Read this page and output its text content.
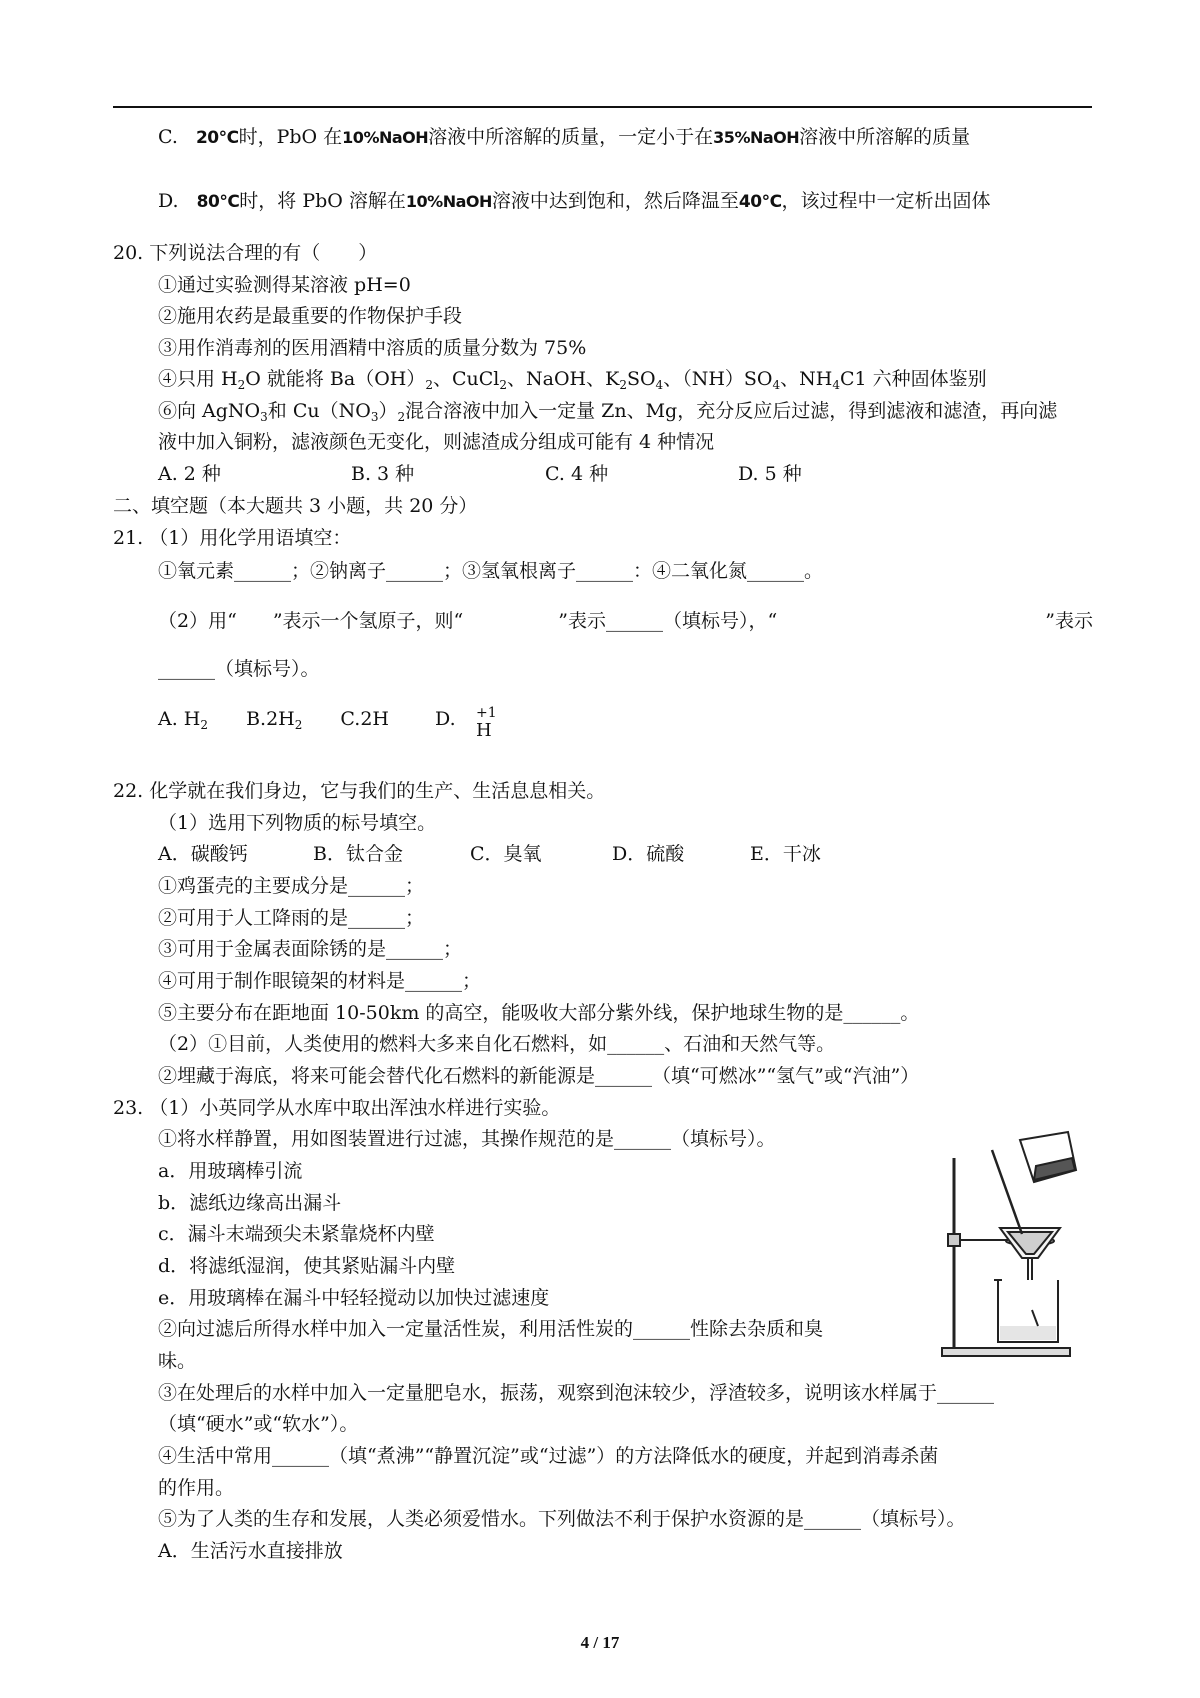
C. 20°C时，PbO 在10%NaOH溶液中所溶解的质量，一定小于在35%NaOH溶液中所溶解的质量
D. 80°C时，将 PbO 溶解在10%NaOH溶液中达到饱和，然后降温至40°C，该过程中一定析出固体
20. 下列说法合理的有（　　）
①通过实验测得某溶液 pH=0
②施用农药是最重要的作物保护手段
③用作消毒剂的医用酒精中溶质的质量分数为 75%
④只用 $H_2O$ 就能将 $Ba(OH)_2$、CuCl$_2$、NaOH、$K_2SO_4$、$(NH)SO_4$、$NH_4C1$ 六种固体鉴别
⑥向 AgNO$_3$和 $Cu(NO_3)_2$混合溶液中加入一定量 Zn、Mg，充分反应后过滤，得到滤液和滤渣，再向滤
液中加入铜粉，滤液颜色无变化，则滤渣成分组成可能有 4 种情况
A. 2 种	B. 3 种	C. 4 种	D. 5 种
二、填空题（本大题共 3 小题，共 20 分）
21. （1）用化学用语填空：
①氧元素______；②钠离子______；③氢氧根离子______：④二氧化氮______。
（2）用“ ”表示一个氢原子，则“	”表示______（填标号），“	”表示
______（填标号）。
A. $H_2$ $B.2H_2$ C.2H D. +1
H
22. 化学就在我们身边，它与我们的生产、生活息息相关。
（1）选用下列物质的标号填空。
A．碳酸钙	B．钛合金	C．臭氧	D．硫酸	E．干冰
①鸡蛋壳的主要成分是______；
②可用于人工降雨的是______；
③可用于金属表面除锈的是______；
④可用于制作眼镜架的材料是______；
⑤主要分布在距地面 10-50km 的高空，能吸收大部分紫外线，保护地球生物的是______。
（2）①目前，人类使用的燃料大多来自化石燃料，如______、石油和天然气等。
②埋藏于海底，将来可能会替代化石燃料的新能源是______（填“可燃冰”“氢气”或“汽油”）
23. （1）小英同学从水库中取出浑浊水样进行实验。
①将水样静置，用如图装置进行过滤，其操作规范的是______（填标号）。
a．用玻璃棒引流
b．滤纸边缘高出漏斗
c．漏斗末端颈尖未紧靠烧杯内壁
d．将滤纸湿润，使其紧贴漏斗内壁
e．用玻璃棒在漏斗中轻轻搅动以加快过滤速度
②向过滤后所得水样中加入一定量活性炭，利用活性炭的______性除去杂质和臭
味。
③在处理后的水样中加入一定量肥皂水，振荡，观察到泡沫较少，浮渣较多，说明该水样属于______
（填“硬水”或“软水”）。
④生活中常用______（填“煮沸”“静置沉淀”或“过滤”）的方法降低水的硬度，并起到消毒杀菌
的作用。
⑤为了人类的生存和发展，人类必须爱惜水。下列做法不利于保护水资源的是______（填标号）。
A．生活污水直接排放
4 / 17
